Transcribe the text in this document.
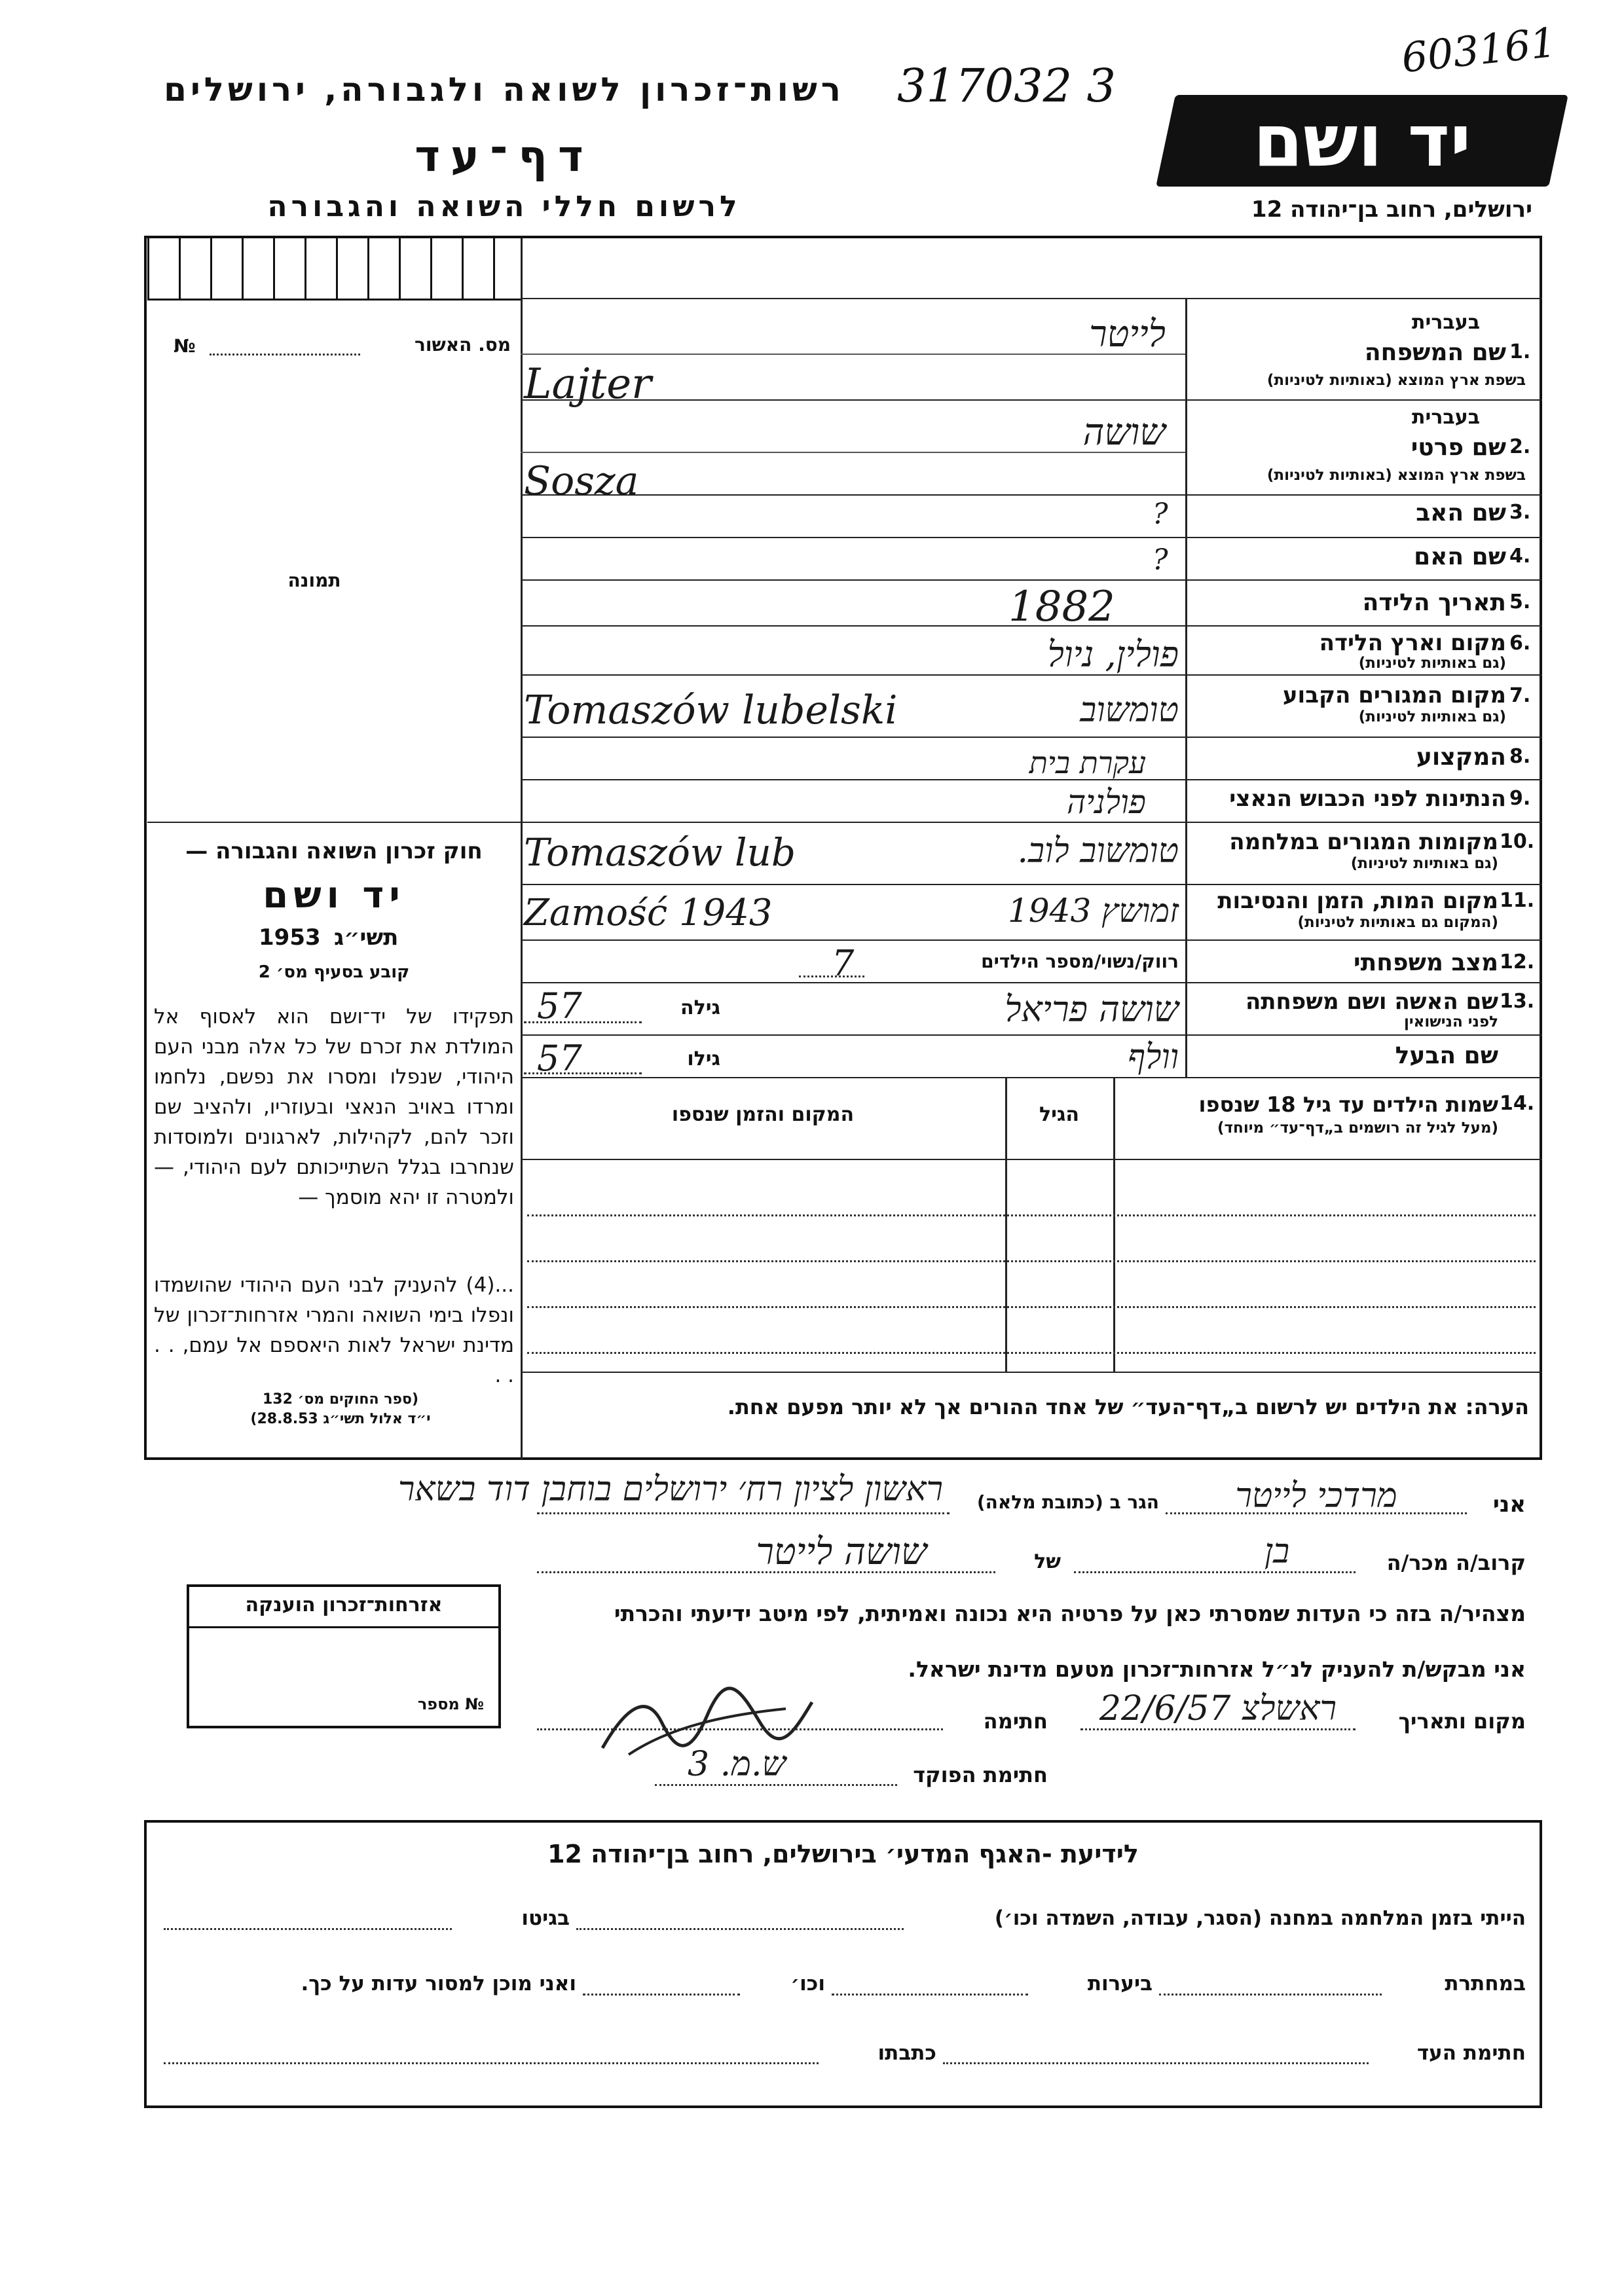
603161
רשות־זכרון לשואה ולגבורה, ירושלים 317032 3
יד ושם
דף־עד
לרשום חללי השואה והגבורה	ירושלים, רחוב בן־יהודה 12
מס. האשור
№
תמונה
חוק זכרון השואה והגבורה —
יד ושם
1953 תשי״ג
קובע בסעיף מס׳ 2
תפקידו של יד־ושם הוא לאסוף אל המולדת את זכרם של כל אלה מבני העם היהודי, שנפלו ומסרו את נפשם, נלחמו ומרדו באויב הנאצי ובעוזריו, ולהציב שם וזכר להם, לקהילות, לארגונים ולמוסדות שנחרבו בגלל השתייכותם לעם היהודי, — ולמטרה זו יהא מוסמך —
...(4) להעניק לבני העם היהודי שהושמדו ונפלו בימי השואה והמרי אזרחות־זכרון של מדינת ישראל לאות היאספם אל עמם, . . . .
(ספר החוקים מס׳ 132
י״ד אלול תשי״ג 28.8.53)
בעברית
1.
שם המשפחה
בשפת ארץ המוצא (באותיות לטיניות)
לייטר
Lajter
בעברית
2.
שם פרטי
בשפת ארץ המוצא (באותיות לטיניות)
שושה
Sosza
3.
שם האב
?
4.
שם האם
?
5.
תאריך הלידה
1882
6.
מקום וארץ הלידה
(גם באותיות לטיניות)
פולין, ניול
7.
מקום המגורים הקבוע
(גם באותיות לטיניות)
טומשוב
Tomaszów lubelski
8.
המקצוע
עקרת בית
9.
הנתינות לפני הכבוש הנאצי
פולניה
10.
מקומות המגורים במלחמה
(גם באותיות לטיניות)
טומשוב לוב.
Tomaszów lub
11.
מקום המות, הזמן והנסיבות
(המקום גם באותיות לטיניות)
זמושץ 1943
Zamość 1943
12.
מצב משפחתי
רווק/נשוי/מספר הילדים
7
13.
שם האשה ושם משפחתה
לפני הנישואין
שושה פריאל
גילה
57
שם הבעל
וולף
גילו
57
14.
שמות הילדים עד גיל 18 שנספו
(מעל לגיל זה רושמים ב„דף־עד״ מיוחד)
הגיל
המקום והזמן שנספו
הערה: את הילדים יש לרשום ב„דף־העד״ של אחד ההורים אך לא יותר מפעם אחת.
אני
מרדכי לייטר
הגר ב (כתובת מלאה)
ראשון לציון רח׳ ירושלים בוחבן דוד בשאר
קרוב/ה מכר/ה
בן
של
שושה לייטר
מצהיר/ה בזה כי העדות שמסרתי כאן על פרטיה היא נכונה ואמיתית, לפי מיטב ידיעתי והכרתי
אני מבקש/ת להעניק לנ״ל אזרחות־זכרון מטעם מדינת ישראל.
מקום ותאריך
ראשלצ 22/6/57
חתימה
חתימת הפוקד
ש.מ. 3
אזרחות־זכרון הוענקה
№ מספר
לידיעת -האגף המדעי׳ בירושלים, רחוב בן־יהודה 12
הייתי בזמן המלחמה במחנה (הסגר, עבודה, השמדה וכו׳)
בגיטו
במחתרת
ביערות
וכו׳
ואני מוכן למסור עדות על כך.
חתימת העד
כתבתו
